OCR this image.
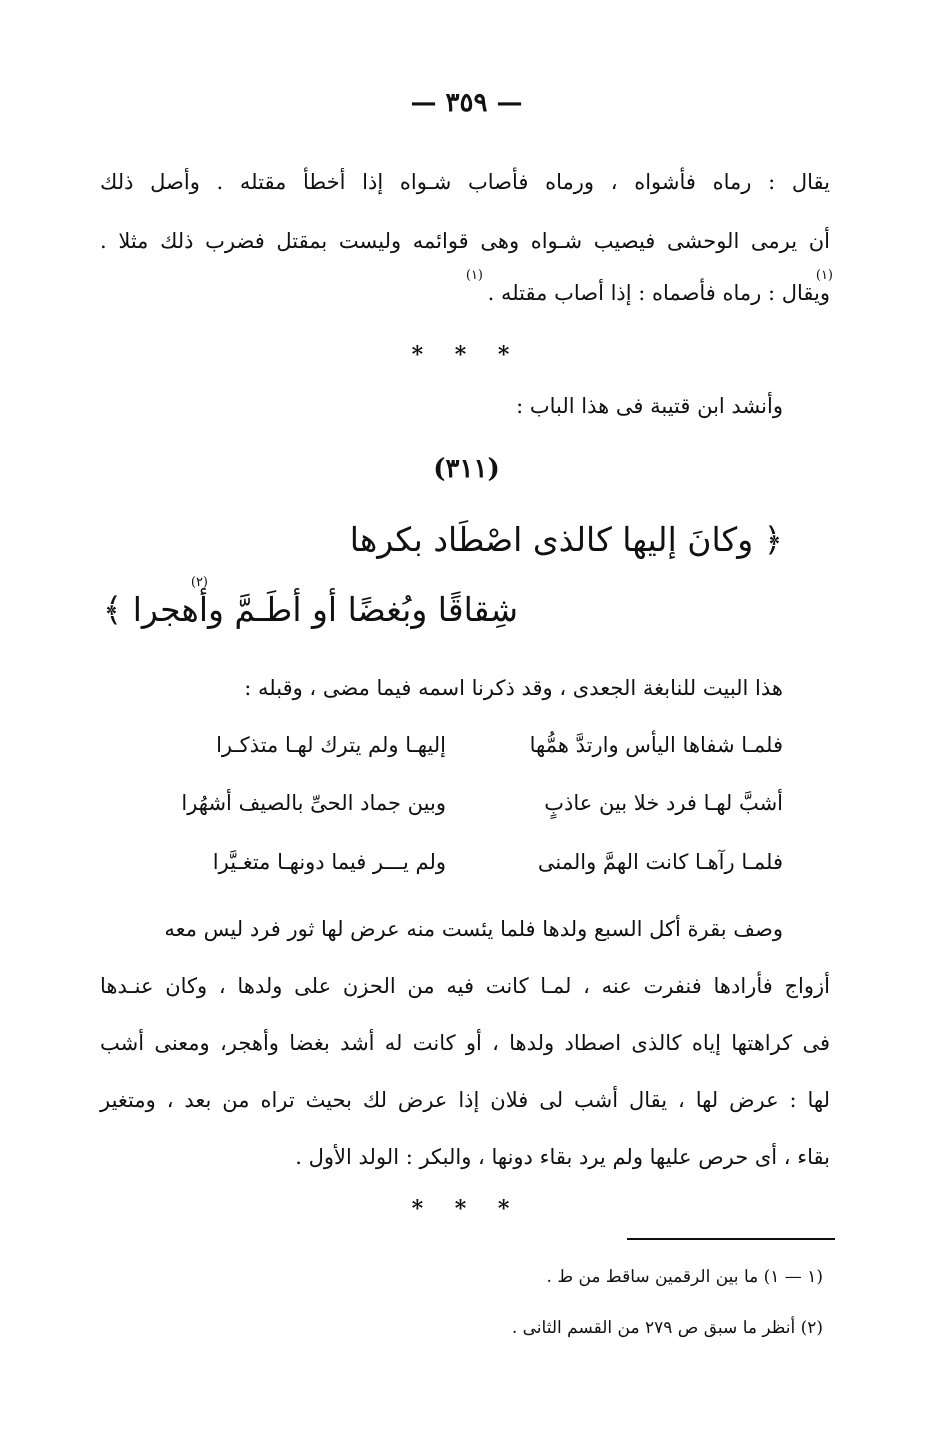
— ٣٥٩ —
يقال : رماه فأشواه ، ورماه فأصاب شـواه إذا أخطأ مقتله . وأصل ذلك
أن يرمى الوحشى فيصيب شـواه وهى قوائمه وليست بمقتل فضرب ذلك مثلا .
ويقال : رماه فأصماه : إذا أصاب مقتله .
(١)
(١)
* * *
وأنشد ابن قتيبة فى هذا الباب :
(٣١١)
﴿ وكانَ إليها كالذى اصْطَاد بكرها
(٢)
شِقاقًا وبُغضًا أو أطَـمَّ وأهجرا ﴾
هذا البيت للنابغة الجعدى ، وقد ذكرنا اسمه فيما مضى ، وقبله :
فلمـا شفاها اليأس وارتدَّ همُّها
إليهـا ولم يترك لهـا متذكـرا
أشبَّ لهـا فرد خلا بين عاذبٍ
وبين جماد الحىِّ بالصيف أشهُرا
فلمـا رآهـا كانت الهمَّ والمنى
ولم يـــر فيما دونهـا متغـيَّرا
وصف بقرة أكل السبع ولدها فلما يئست منه عرض لها ثور فرد ليس معه
أزواج فأرادها فنفرت عنه ، لمـا كانت فيه من الحزن على ولدها ، وكان عنـدها
فى كراهتها إياه كالذى اصطاد ولدها ، أو كانت له أشد بغضا وأهجر، ومعنى أشب
لها : عرض لها ، يقال أشب لى فلان إذا عرض لك بحيث تراه من بعد ، ومتغير
بقاء ، أى حرص عليها ولم يرد بقاء دونها ، والبكر : الولد الأول .
* * *
(١ — ١) ما بين الرقمين ساقط من ط .
(٢) أنظر ما سبق ص ٢٧٩ من القسم الثانى .
